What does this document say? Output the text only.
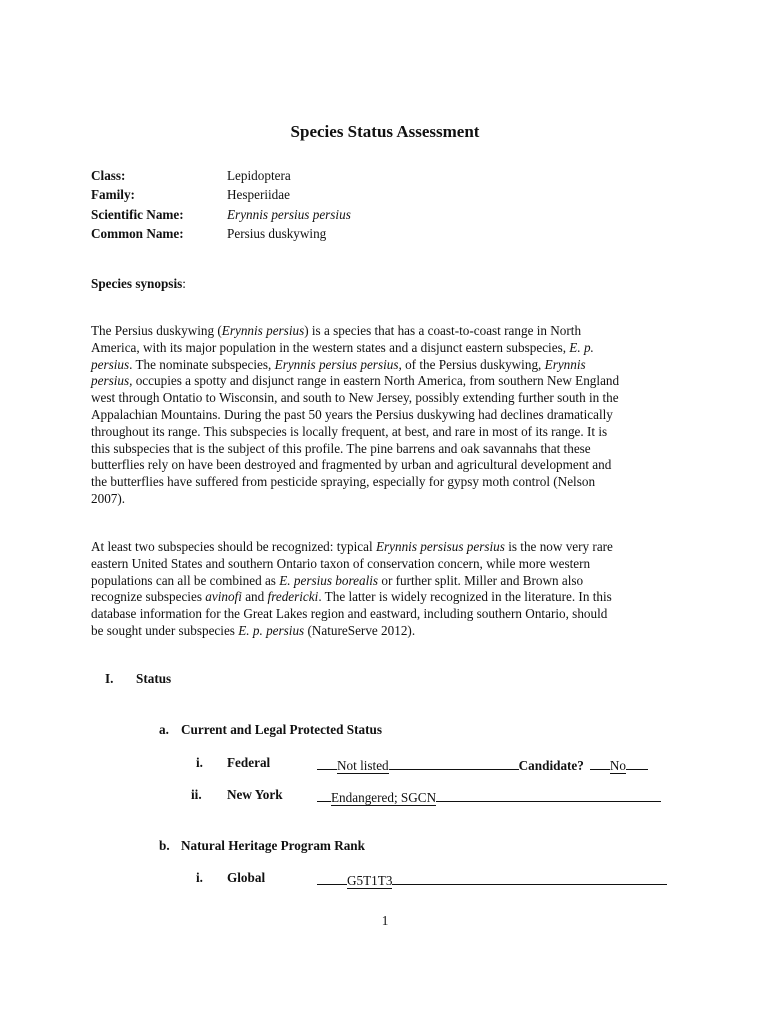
Species Status Assessment
Class:	Lepidoptera
Family:	Hesperiidae
Scientific Name:	Erynnis persius persius
Common Name:	Persius duskywing
Species synopsis:

The Persius duskywing (Erynnis persius) is a species that has a coast-to-coast range in North

America, with its major population in the western states and a disjunct eastern subspecies, E. p.

persius. The nominate subspecies, Erynnis persius persius, of the Persius duskywing, Erynnis

persius, occupies a spotty and disjunct range in eastern North America, from southern New England

west through Ontatio to Wisconsin, and south to New Jersey, possibly extending further south in the

Appalachian Mountains. During the past 50 years the Persius duskywing had declines dramatically

throughout its range. This subspecies is locally frequent, at best, and rare in most of its range. It is

this subspecies that is the subject of this profile. The pine barrens and oak savannahs that these

butterflies rely on have been destroyed and fragmented by urban and agricultural development and

the butterflies have suffered from pesticide spraying, especially for gypsy moth control (Nelson

2007).

At least two subspecies should be recognized: typical Erynnis persisus persius is the now very rare

eastern United States and southern Ontario taxon of conservation concern, while more western

populations can all be combined as E. persius borealis or further split. Miller and Brown also

recognize subspecies avinofi and fredericki. The latter is widely recognized in the literature. In this

database information for the Great Lakes region and eastward, including southern Ontario, should

be sought under subspecies E. p. persius (NatureServe 2012).

I. Status
a. Current and Legal Protected Status
i. Federal	Not listed	Candidate? No
ii. New York	Endangered; SGCN
b. Natural Heritage Program Rank
i. Global	G5T1T3
1
